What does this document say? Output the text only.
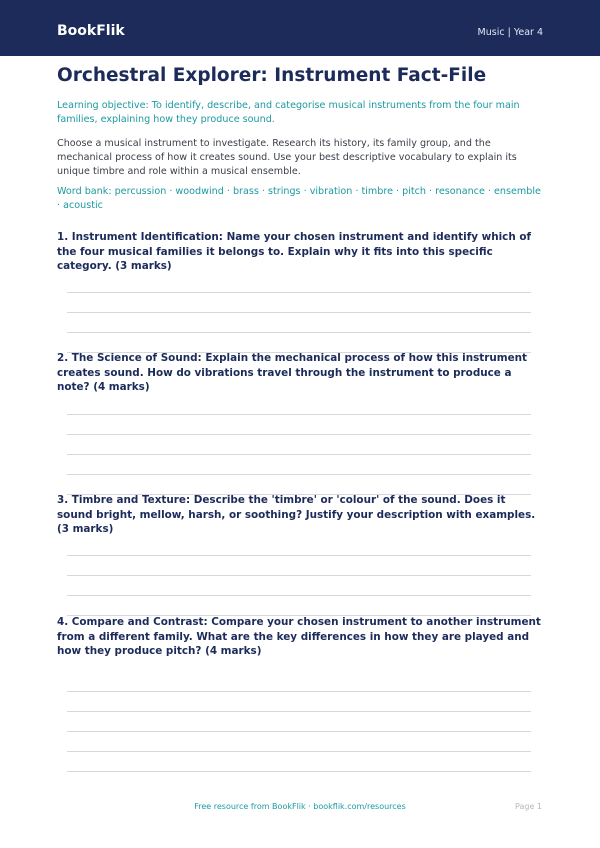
BookFlik	Music | Year 4
Orchestral Explorer: Instrument Fact-File
Learning objective: To identify, describe, and categorise musical instruments from the four main families, explaining how they produce sound.
Choose a musical instrument to investigate. Research its history, its family group, and the mechanical process of how it creates sound. Use your best descriptive vocabulary to explain its unique timbre and role within a musical ensemble.
Word bank: percussion · woodwind · brass · strings · vibration · timbre · pitch · resonance · ensemble · acoustic
1. Instrument Identification: Name your chosen instrument and identify which of the four musical families it belongs to. Explain why it fits into this specific category. (3 marks)
2. The Science of Sound: Explain the mechanical process of how this instrument creates sound. How do vibrations travel through the instrument to produce a note? (4 marks)
3. Timbre and Texture: Describe the 'timbre' or 'colour' of the sound. Does it sound bright, mellow, harsh, or soothing? Justify your description with examples. (3 marks)
4. Compare and Contrast: Compare your chosen instrument to another instrument from a different family. What are the key differences in how they are played and how they produce pitch? (4 marks)
Free resource from BookFlik · bookflik.com/resources	Page 1
